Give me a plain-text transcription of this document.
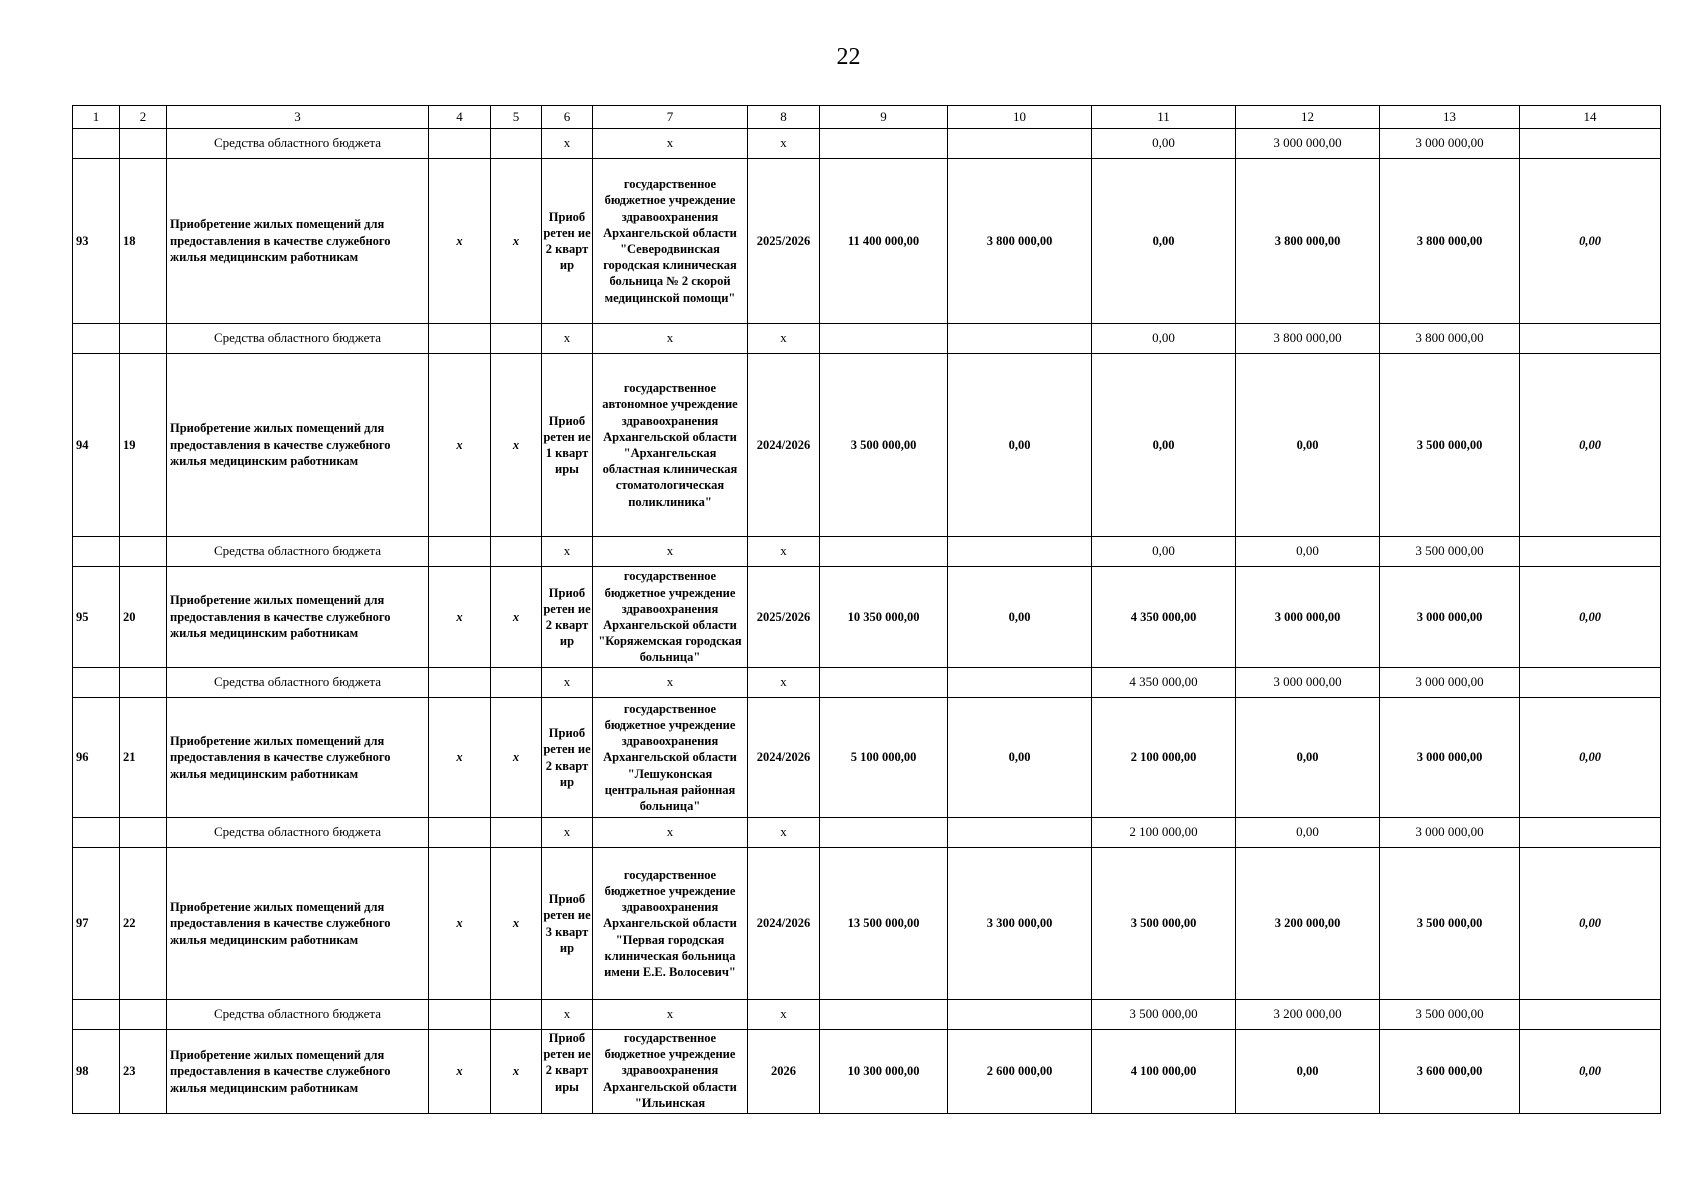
22
1	2	3	4	5	6	7	8	9	10	11	12	13	14
		Средства областного бюджета			х	х	х			0,00	3 000 000,00	3 000 000,00	
93	18	Приобретение жилых помещений для предоставления в качестве служебного жилья медицинским работникам	х	х	Приоб ретен ие 2 кварт ир	государственное бюджетное учреждение здравоохранения Архангельской области "Северодвинская городская клиническая больница № 2 скорой медицинской помощи"	2025/2026	11 400 000,00	3 800 000,00	0,00	3 800 000,00	3 800 000,00	0,00
		Средства областного бюджета			х	х	х			0,00	3 800 000,00	3 800 000,00	
94	19	Приобретение жилых помещений для предоставления в качестве служебного жилья медицинским работникам	х	х	Приоб ретен ие 1 кварт иры	государственное автономное учреждение здравоохранения Архангельской области "Архангельская областная клиническая стоматологическая поликлиника"	2024/2026	3 500 000,00	0,00	0,00	0,00	3 500 000,00	0,00
		Средства областного бюджета			х	х	х			0,00	0,00	3 500 000,00	
95	20	Приобретение жилых помещений для предоставления в качестве служебного жилья медицинским работникам	х	х	Приоб ретен ие 2 кварт ир	государственное бюджетное учреждение здравоохранения Архангельской области "Коряжемская городская больница"	2025/2026	10 350 000,00	0,00	4 350 000,00	3 000 000,00	3 000 000,00	0,00
		Средства областного бюджета			х	х	х			4 350 000,00	3 000 000,00	3 000 000,00	
96	21	Приобретение жилых помещений для предоставления в качестве служебного жилья медицинским работникам	х	х	Приоб ретен ие 2 кварт ир	государственное бюджетное учреждение здравоохранения Архангельской области "Лешуконская центральная районная больница"	2024/2026	5 100 000,00	0,00	2 100 000,00	0,00	3 000 000,00	0,00
		Средства областного бюджета			х	х	х			2 100 000,00	0,00	3 000 000,00	
97	22	Приобретение жилых помещений для предоставления в качестве служебного жилья медицинским работникам	х	х	Приоб ретен ие 3 кварт ир	государственное бюджетное учреждение здравоохранения Архангельской области "Первая городская клиническая больница имени Е.Е. Волосевич"	2024/2026	13 500 000,00	3 300 000,00	3 500 000,00	3 200 000,00	3 500 000,00	0,00
		Средства областного бюджета			х	х	х			3 500 000,00	3 200 000,00	3 500 000,00	
98	23	Приобретение жилых помещений для предоставления в качестве служебного жилья медицинским работникам	х	х	Приоб ретен ие 2 кварт иры	государственное бюджетное учреждение здравоохранения Архангельской области "Ильинская	2026	10 300 000,00	2 600 000,00	4 100 000,00	0,00	3 600 000,00	0,00
